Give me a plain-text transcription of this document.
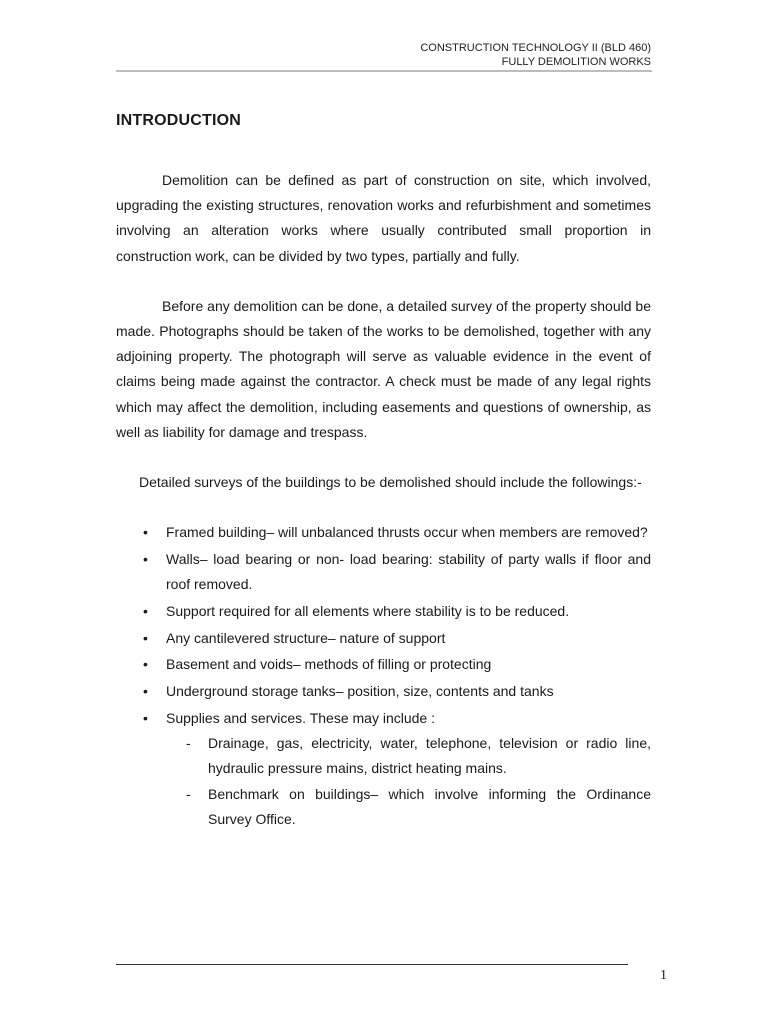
CONSTRUCTION TECHNOLOGY II (BLD 460)
FULLY DEMOLITION WORKS
INTRODUCTION

Demolition can be defined as part of construction on site, which involved, upgrading the existing structures, renovation works and refurbishment and sometimes involving an alteration works where usually contributed small proportion in construction work, can be divided by two types, partially and fully.

Before any demolition can be done, a detailed survey of the property should be made. Photographs should be taken of the works to be demolished, together with any adjoining property. The photograph will serve as valuable evidence in the event of claims being made against the contractor. A check must be made of any legal rights which may affect the demolition, including easements and questions of ownership, as well as liability for damage and trespass.

Detailed surveys of the buildings to be demolished should include the followings:-

• Framed building– will unbalanced thrusts occur when members are removed?
• Walls– load bearing or non- load bearing: stability of party walls if floor and roof removed.
• Support required for all elements where stability is to be reduced.
• Any cantilevered structure– nature of support
• Basement and voids– methods of filling or protecting
• Underground storage tanks– position, size, contents and tanks
• Supplies and services. These may include :
- Drainage, gas, electricity, water, telephone, television or radio line, hydraulic pressure mains, district heating mains.
- Benchmark on buildings– which involve informing the Ordinance Survey Office.
1
